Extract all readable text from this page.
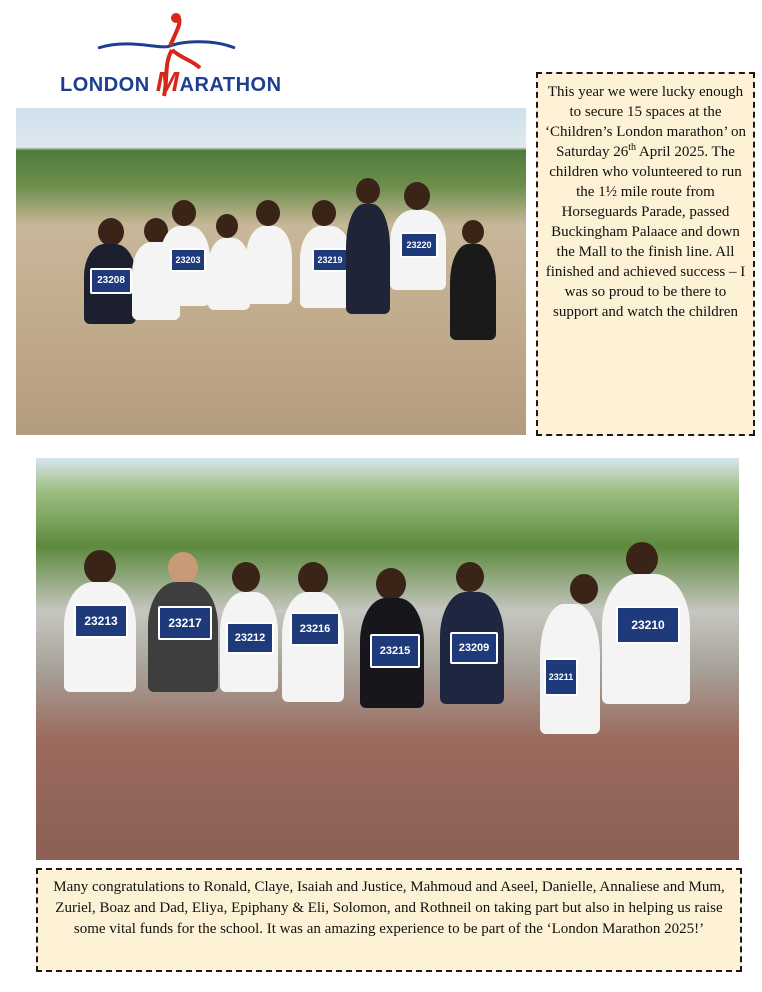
LONDON MARATHON
23208
23203	23219
23220
This year we were lucky enough to secure 15 spaces at the ‘Children’s London marathon’ on Saturday 26th April 2025. The children who volunteered to run the 1½ mile route from Horseguards Parade, passed Buckingham Palaace and down the Mall to the finish line. All finished and achieved success – I was so proud to be there to support and watch the children
23213	23217
23212
23216
23215	23209
23211
23210
Many congratulations to Ronald, Claye, Isaiah and Justice, Mahmoud and Aseel, Danielle, Annaliese and Mum, Zuriel, Boaz and Dad, Eliya, Epiphany & Eli, Solomon, and Rothneil on taking part but also in helping us raise some vital funds for the school. It was an amazing experience to be part of the ‘London Marathon 2025!’
